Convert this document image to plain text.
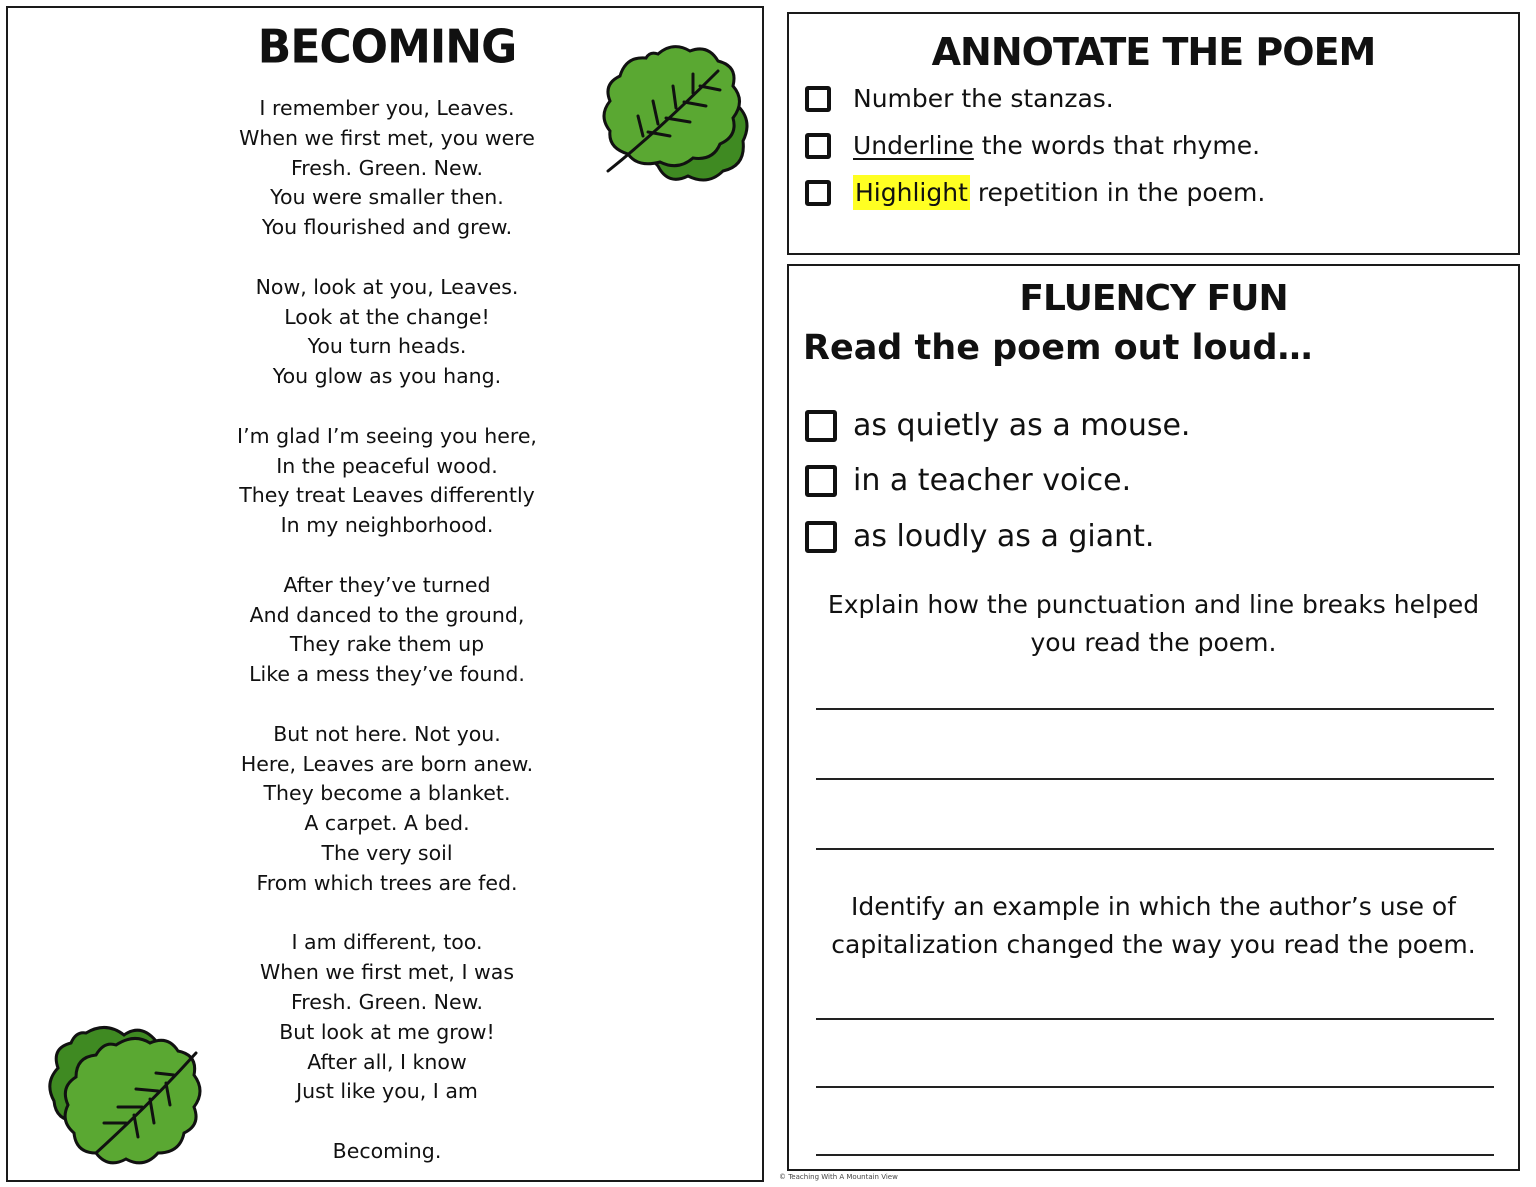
BECOMING
I remember you, Leaves.
When we first met, you were
Fresh. Green. New.
You were smaller then.
You flourished and grew.
Now, look at you, Leaves.
Look at the change!
You turn heads.
You glow as you hang.
I’m glad I’m seeing you here,
In the peaceful wood.
They treat Leaves differently
In my neighborhood.
After they’ve turned
And danced to the ground,
They rake them up
Like a mess they’ve found.
But not here. Not you.
Here, Leaves are born anew.
They become a blanket.
A carpet. A bed.
The very soil
From which trees are fed.
I am different, too.
When we first met, I was
Fresh. Green. New.
But look at me grow!
After all, I know
Just like you, I am
Becoming.
ANNOTATE THE POEM
Number the stanzas.
Underline the words that rhyme.
Highlight repetition in the poem.
FLUENCY FUN
Read the poem out loud…
as quietly as a mouse.
in a teacher voice.
as loudly as a giant.
Explain how the punctuation and line breaks helped
you read the poem.
Identify an example in which the author’s use of
capitalization changed the way you read the poem.
© Teaching With A Mountain View
